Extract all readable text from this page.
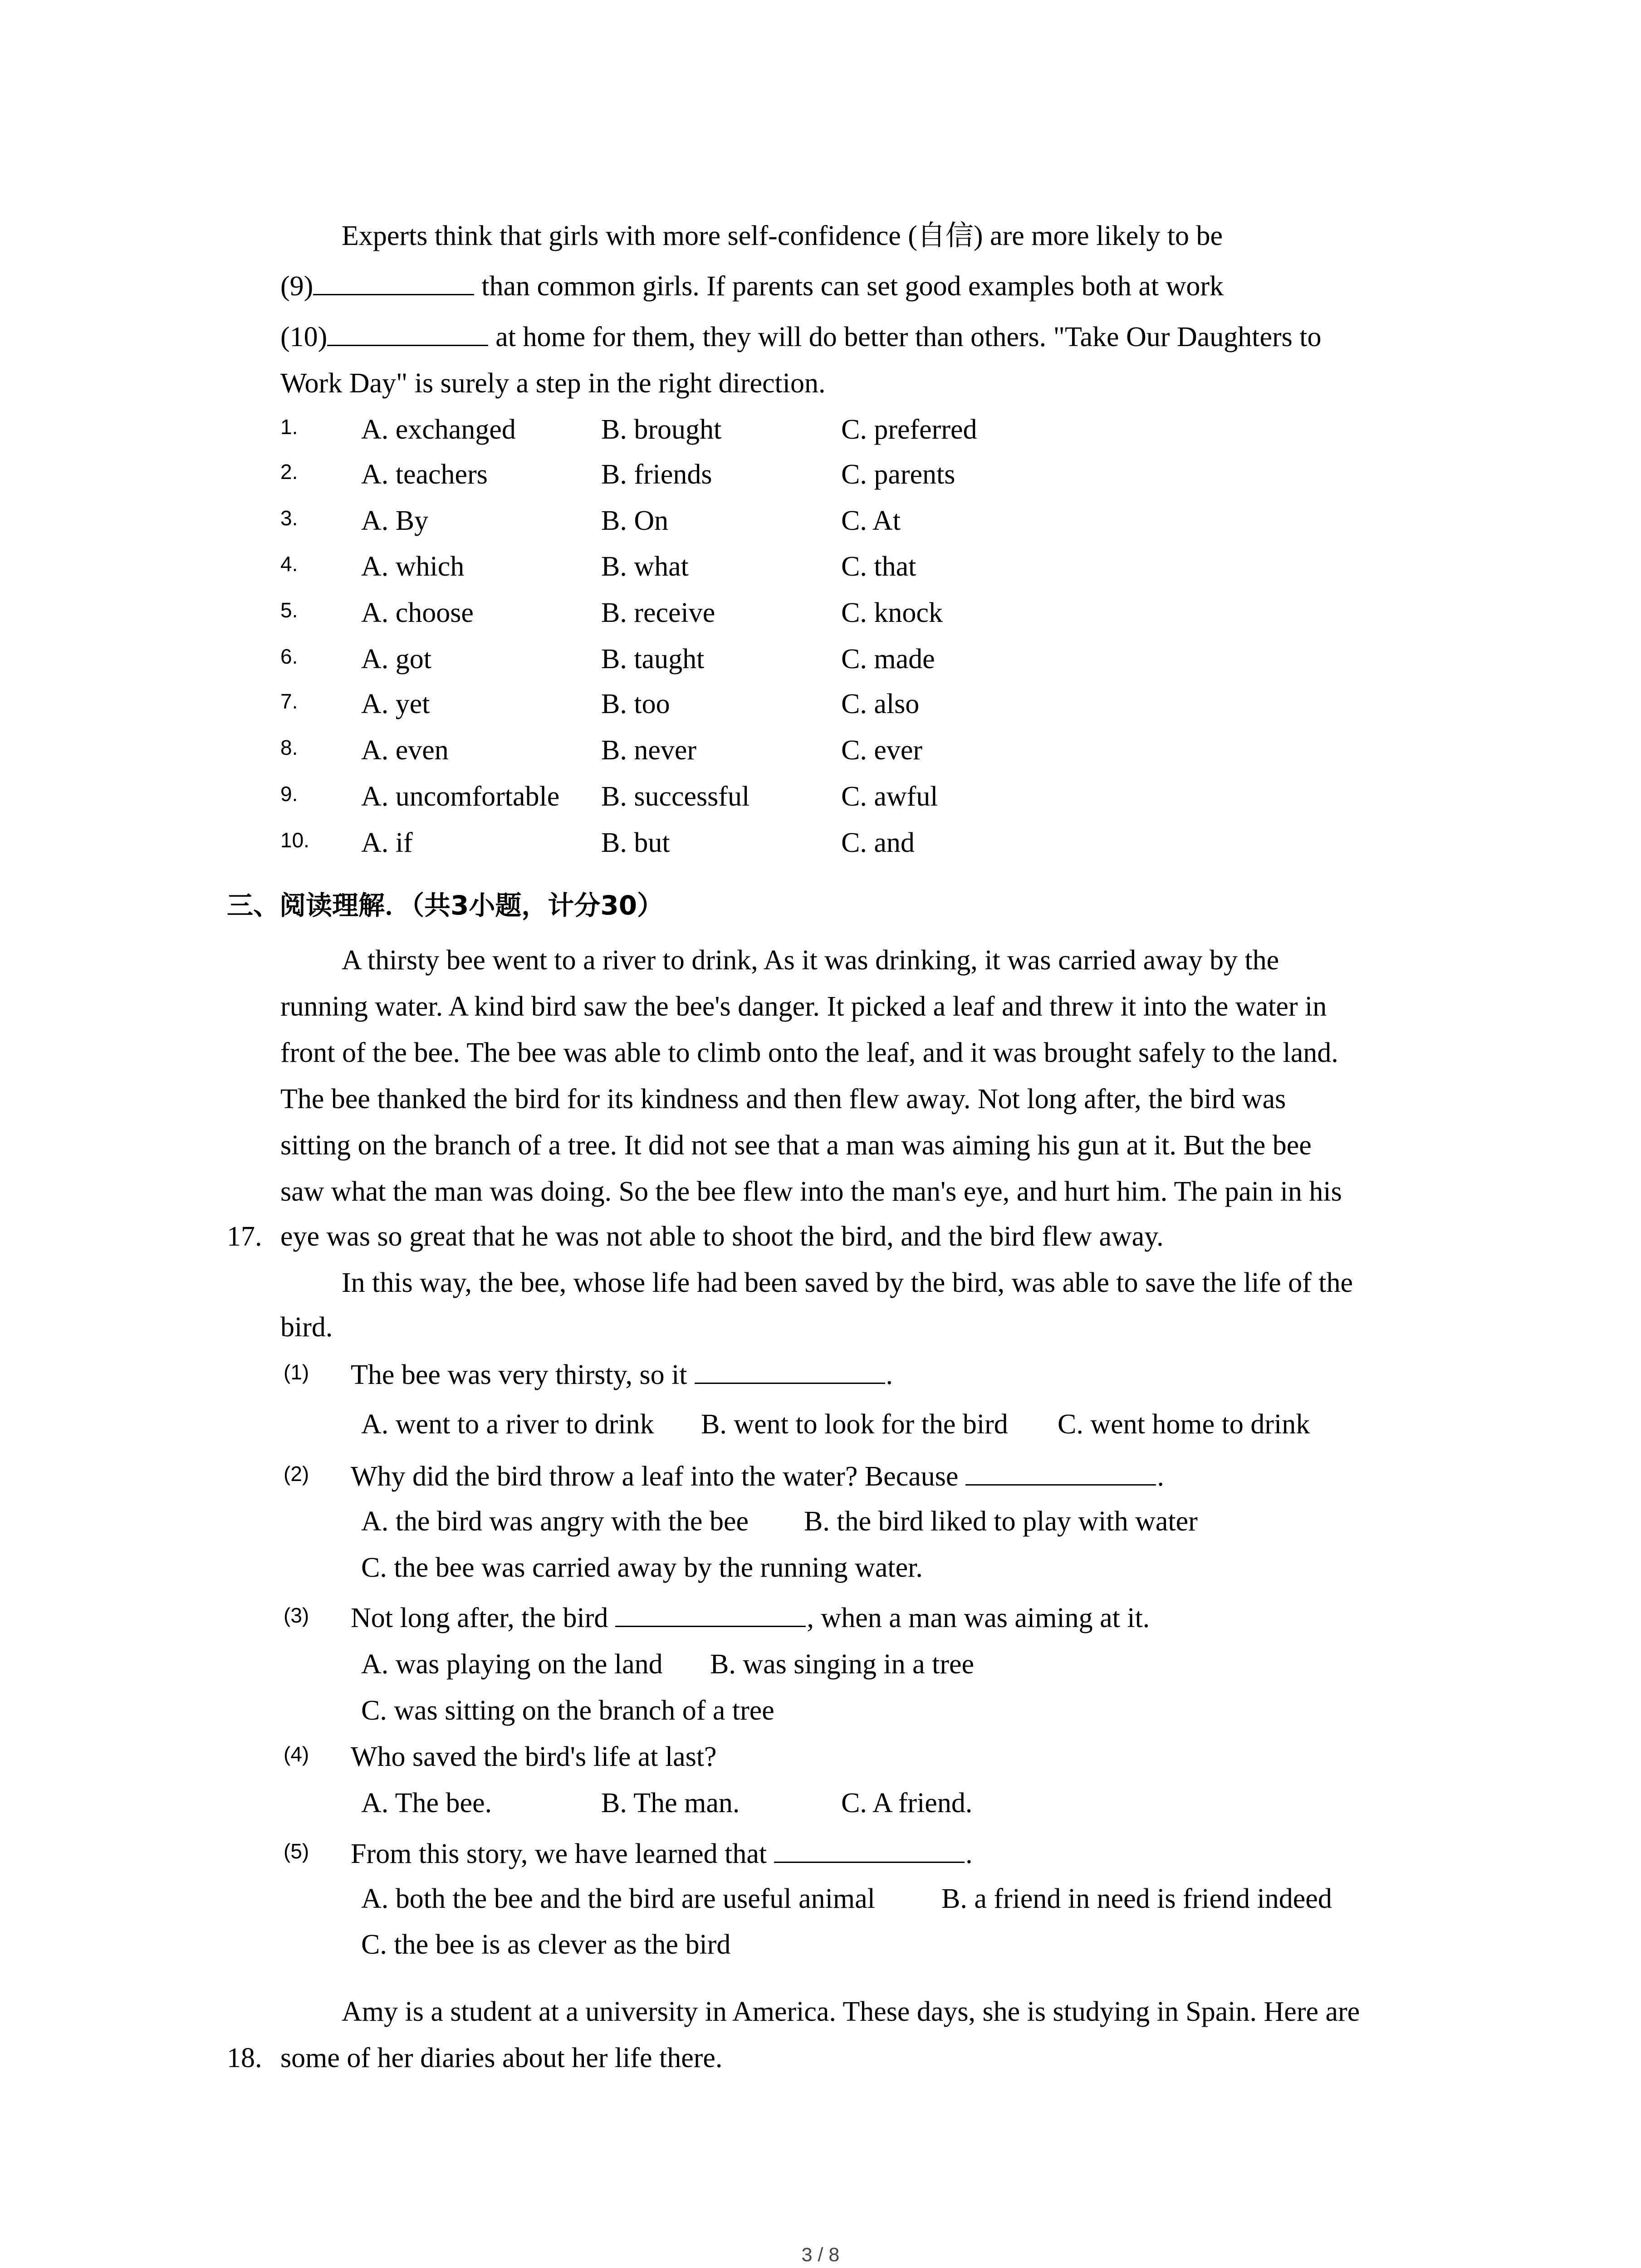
Experts think that girls with more self-confidence (自信) are more likely to be
(9)	than common girls. If parents can set good examples both at work
(10)	at home for them, they will do better than others. "Take Our Daughters to
Work Day" is surely a step in the right direction.
1. A. exchanged	B. brought	C. preferred
2. A. teachers	B. friends	C. parents
3. A. By	B. On	C. At
4. A. which	B. what	C. that
5. A. choose	B. receive	C. knock
6. A. got	B. taught	C. made
7. A. yet	B. too	C. also
8. A. even	B. never	C. ever
9. A. uncomfortable B. successful	C. awful
10. A. if	B. but	C. and
三、阅读理解．（共3小题，计分30）
A thirsty bee went to a river to drink, As it was drinking, it was carried away by the
running water. A kind bird saw the bee's danger. It picked a leaf and threw it into the water in
front of the bee. The bee was able to climb onto the leaf, and it was brought safely to the land.
The bee thanked the bird for its kindness and then flew away. Not long after, the bird was
sitting on the branch of a tree. It did not see that a man was aiming his gun at it. But the bee
saw what the man was doing. So the bee flew into the man's eye, and hurt him. The pain in his
17. eye was so great that he was not able to shoot the bird, and the bird flew away.
In this way, the bee, whose life had been saved by the bird, was able to save the life of the
bird.
(1) The bee was very thirsty, so it	.
A. went to a river to drink B. went to look for the bird C. went home to drink
(2) Why did the bird throw a leaf into the water? Because	.
A. the bird was angry with the bee B. the bird liked to play with water
C. the bee was carried away by the running water.
(3) Not long after, the bird	, when a man was aiming at it.
A. was playing on the land B. was singing in a tree
C. was sitting on the branch of a tree
(4) Who saved the bird's life at last?
A. The bee.	B. The man.	C. A friend.
(5) From this story, we have learned that	.
A. both the bee and the bird are useful animal B. a friend in need is friend indeed
C. the bee is as clever as the bird
Amy is a student at a university in America. These days, she is studying in Spain. Here are
18. some of her diaries about her life there.
3 / 8
